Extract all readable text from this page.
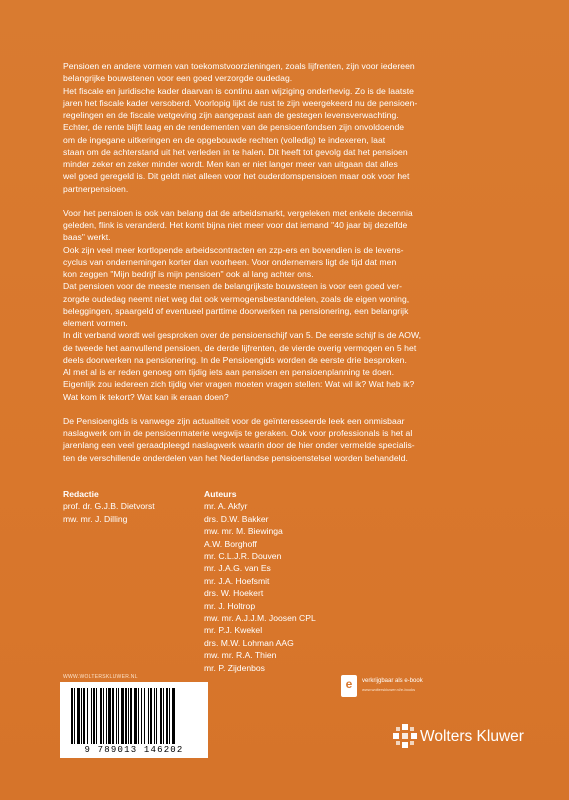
Pensioen en andere vormen van toekomstvoorzieningen, zoals lijfrenten, zijn voor iedereen
belangrijke bouwstenen voor een goed verzorgde oudedag.
Het fiscale en juridische kader daarvan is continu aan wijziging onderhevig. Zo is de laatste
jaren het fiscale kader versoberd. Voorlopig lijkt de rust te zijn weergekeerd nu de pensioen-
regelingen en de fiscale wetgeving zijn aangepast aan de gestegen levensverwachting.
Echter, de rente blijft laag en de rendementen van de pensioenfondsen zijn onvoldoende
om de ingegane uitkeringen en de opgebouwde rechten (volledig) te indexeren, laat
staan om de achterstand uit het verleden in te halen. Dit heeft tot gevolg dat het pensioen
minder zeker en zeker minder wordt. Men kan er niet langer meer van uitgaan dat alles
wel goed geregeld is. Dit geldt niet alleen voor het ouderdomspensioen maar ook voor het
partnerpensioen.

Voor het pensioen is ook van belang dat de arbeidsmarkt, vergeleken met enkele decennia
geleden, flink is veranderd. Het komt bijna niet meer voor dat iemand "40 jaar bij dezelfde
baas" werkt.
Ook zijn veel meer kortlopende arbeidscontracten en zzp-ers en bovendien is de levens-
cyclus van ondernemingen korter dan voorheen. Voor ondernemers ligt de tijd dat men
kon zeggen "Mijn bedrijf is mijn pensioen" ook al lang achter ons.
Dat pensioen voor de meeste mensen de belangrijkste bouwsteen is voor een goed ver-
zorgde oudedag neemt niet weg dat ook vermogensbestanddelen, zoals de eigen woning,
beleggingen, spaargeld of eventueel parttime doorwerken na pensionering, een belangrijk
element vormen.
In dit verband wordt wel gesproken over de pensioenschijf van 5. De eerste schijf is de AOW,
de tweede het aanvullend pensioen, de derde lijfrenten, de vierde overig vermogen en 5 het
deels doorwerken na pensionering. In de Pensioengids worden de eerste drie besproken.
Al met al is er reden genoeg om tijdig iets aan pensioen en pensioenplanning te doen.
Eigenlijk zou iedereen zich tijdig vier vragen moeten vragen stellen: Wat wil ik? Wat heb ik?
Wat kom ik tekort? Wat kan ik eraan doen?

De Pensioengids is vanwege zijn actualiteit voor de geïnteresseerde leek een onmisbaar
naslagwerk om in de pensioenmaterie wegwijs te geraken. Ook voor professionals is het al
jarenlang een veel geraadpleegd naslagwerk waarin door de hier onder vermelde specialis-
ten de verschillende onderdelen van het Nederlandse pensioenstelsel worden behandeld.

Redactie
prof. dr. G.J.B. Dietvorst
mw. mr. J. Dilling
Auteurs
mr. A. Akfyr
drs. D.W. Bakker
mw. mr. M. Biewinga
A.W. Borghoff
mr. C.L.J.R. Douven
mr. J.A.G. van Es
mr. J.A. Hoefsmit
drs. W. Hoekert
mr. J. Holtrop
mw. mr. A.J.J.M. Joosen CPL
mr. P.J. Kwekel
drs. M.W. Lohman AAG
mw. mr. R.A. Thien
mr. P. Zijdenbos
WWW.WOLTERSKLUWER.NL
9 789013 146202
e	verkrijgbaar als e-book
www.wolterskluwer.nl/e-books
Wolters Kluwer
